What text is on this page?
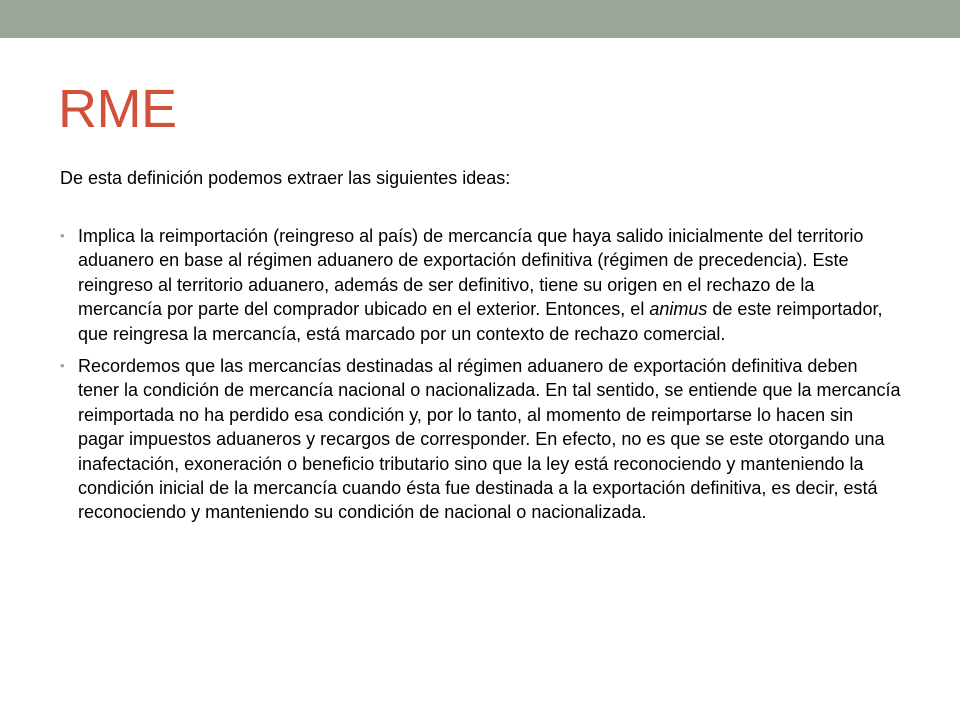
RME

De esta definición podemos extraer las siguientes ideas:

• Implica la reimportación (reingreso al país) de mercancía que haya salido inicialmente del territorio aduanero en base al régimen aduanero de exportación definitiva (régimen de precedencia). Este reingreso al territorio aduanero, además de ser definitivo, tiene su origen en el rechazo de la mercancía por parte del comprador ubicado en el exterior. Entonces, el animus de este reimportador, que reingresa la mercancía, está marcado por un contexto de rechazo comercial.
• Recordemos que las mercancías destinadas al régimen aduanero de exportación definitiva deben tener la condición de mercancía nacional o nacionalizada. En tal sentido, se entiende que la mercancía reimportada no ha perdido esa condición y, por lo tanto, al momento de reimportarse lo hacen sin pagar impuestos aduaneros y recargos de corresponder. En efecto, no es que se este otorgando una inafectación, exoneración o beneficio tributario sino que la ley está reconociendo y manteniendo la condición inicial de la mercancía cuando ésta fue destinada a la exportación definitiva, es decir, está reconociendo y manteniendo su condición de nacional o nacionalizada.
